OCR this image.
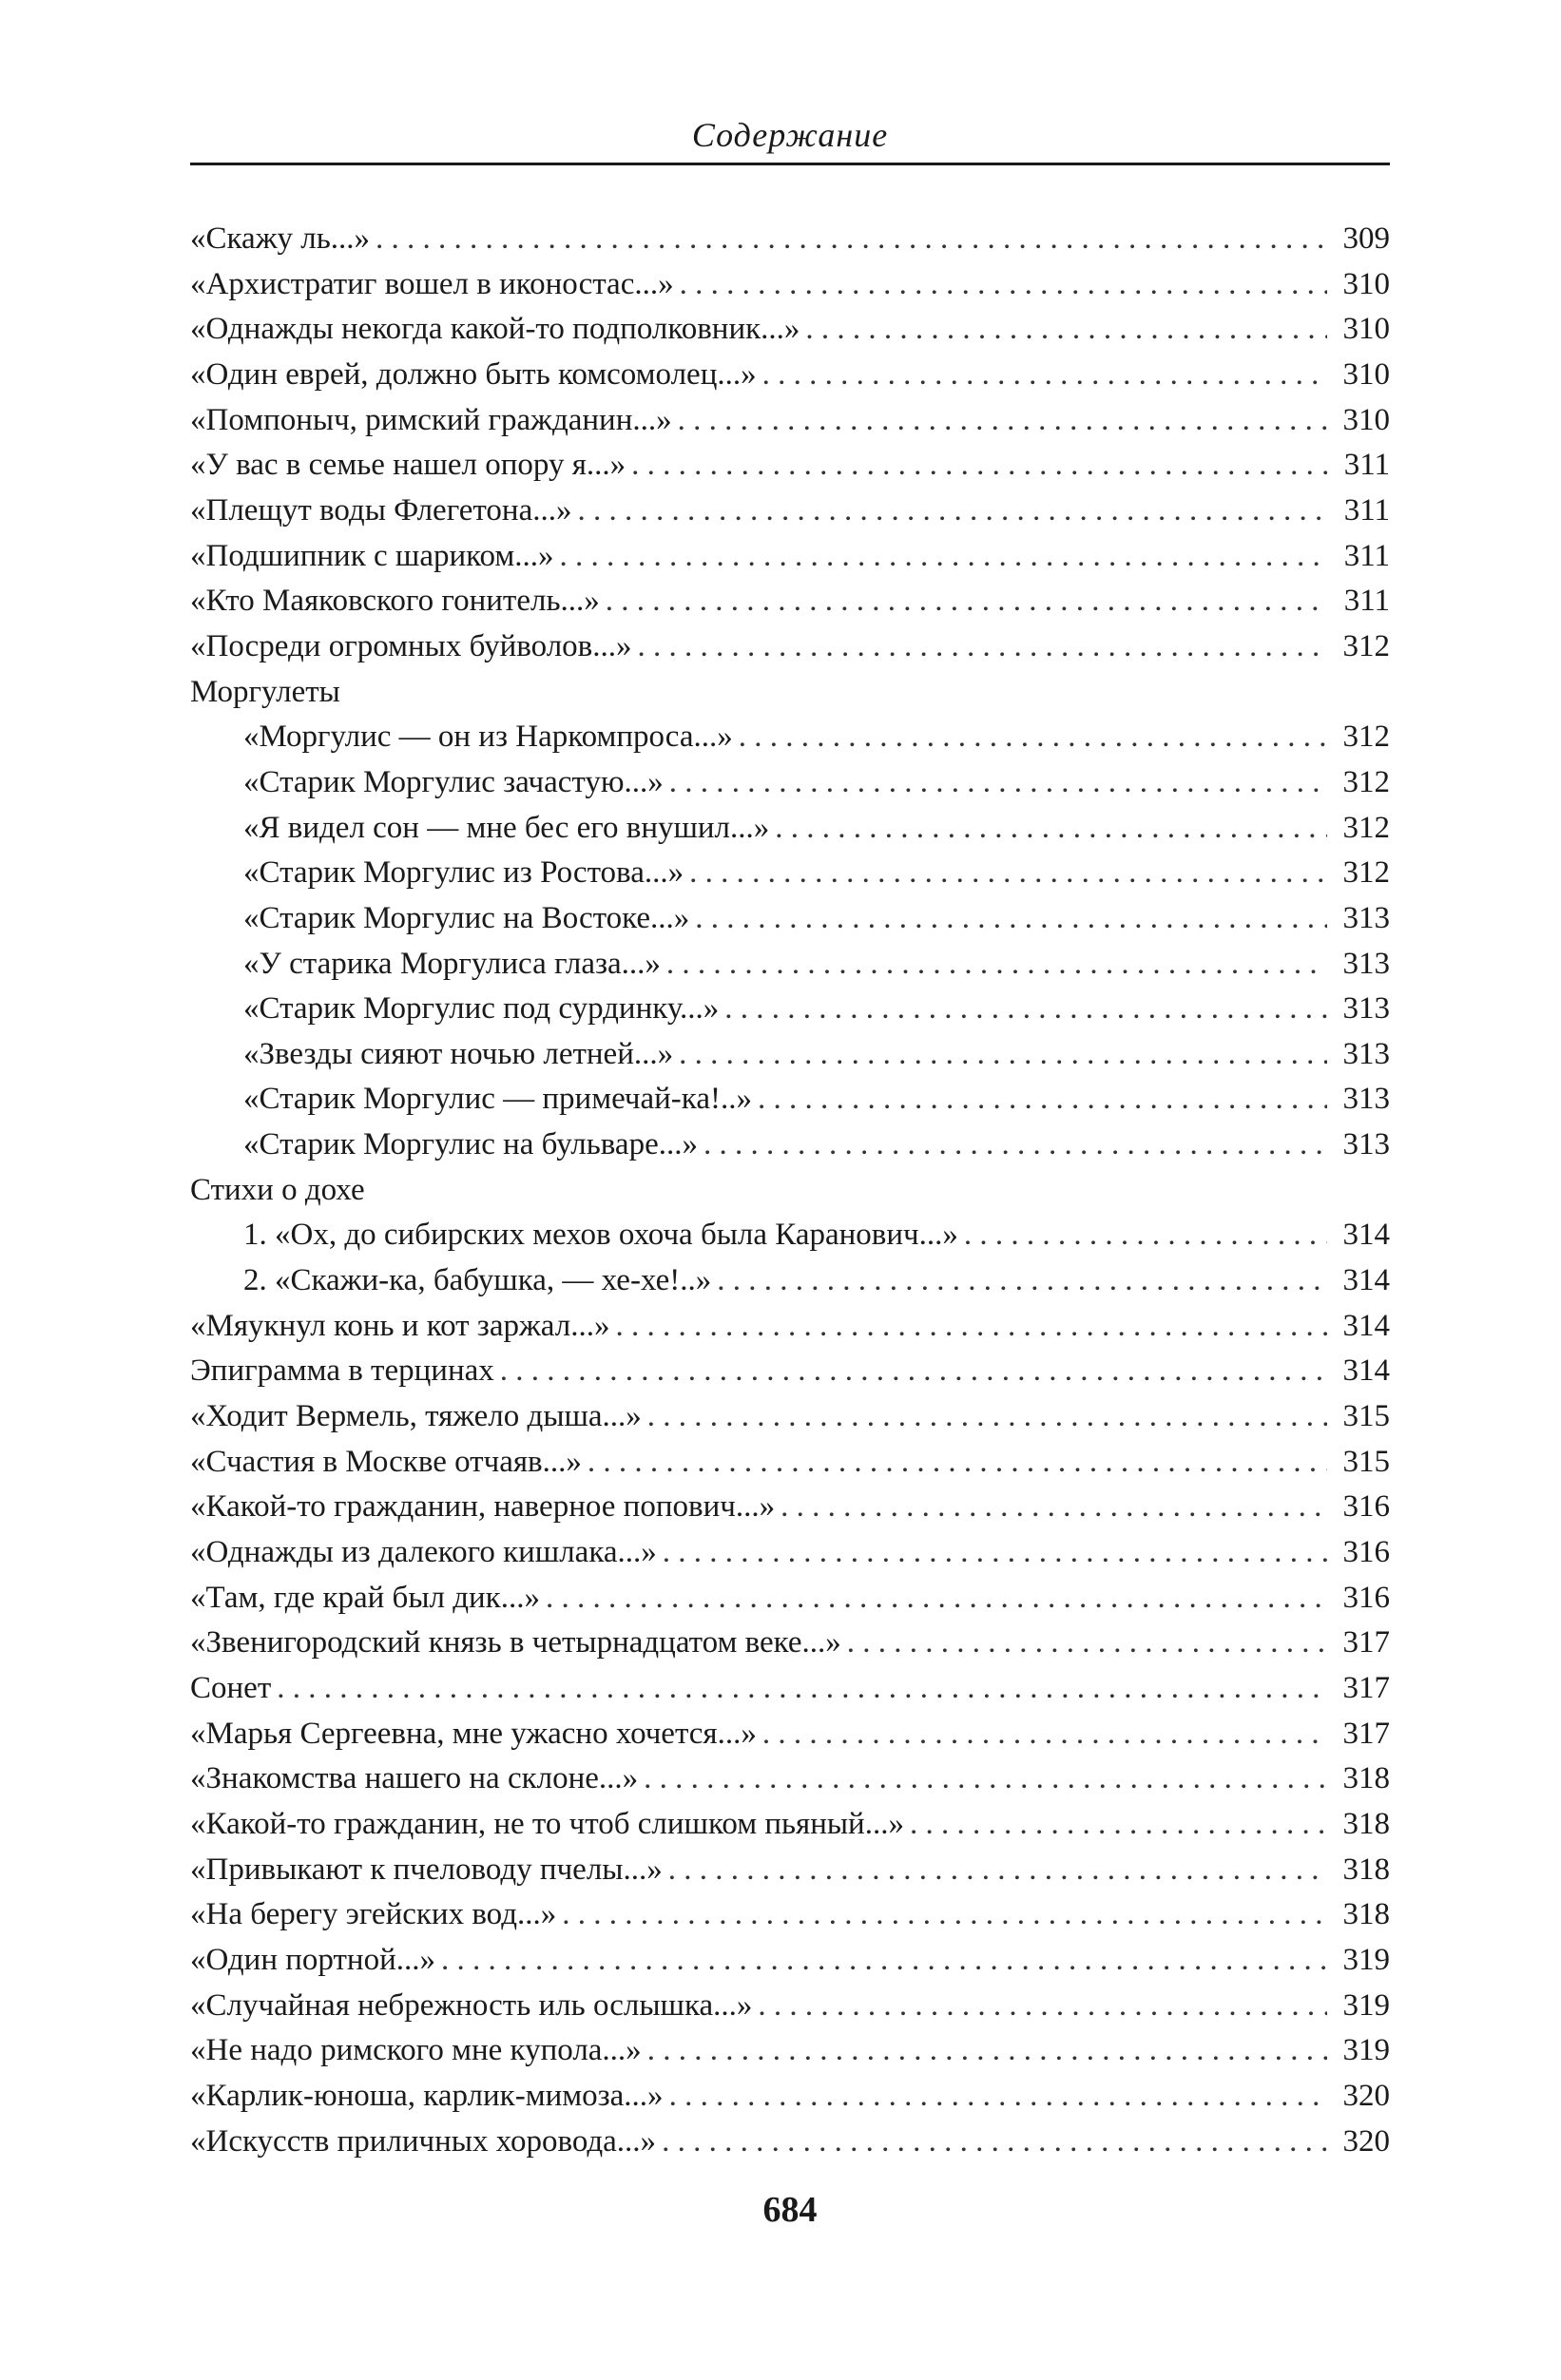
Содержание
«Скажу ль...» . . .	309
«Архистратиг вошел в иконостас...» . . .	310
«Однажды некогда какой-то подполковник...» . . .	310
«Один еврей, должно быть комсомолец...» . . .	310
«Помпоныч, римский гражданин...» . . .	310
«У вас в семье нашел опору я...» . . .	311
«Плещут воды Флегетона...» . . .	311
«Подшипник с шариком...» . . .	311
«Кто Маяковского гонитель...» . . .	311
«Посреди огромных буйволов...» . . .	312
Моргулеты
«Моргулис — он из Наркомпроса...» . . .	312
«Старик Моргулис зачастую...» . . .	312
«Я видел сон — мне бес его внушил...» . . .	312
«Старик Моргулис из Ростова...» . . .	312
«Старик Моргулис на Востоке...» . . .	313
«У старика Моргулиса глаза...» . . .	313
«Старик Моргулис под сурдинку...» . . .	313
«Звезды сияют ночью летней...» . . .	313
«Старик Моргулис — примечай-ка!..» . . .	313
«Старик Моргулис на бульваре...» . . .	313
Стихи о дохе
1. «Ох, до сибирских мехов охоча была Каранович...» . . .	314
2. «Скажи-ка, бабушка, — хе-хе!..» . . .	314
«Мяукнул конь и кот заржал...» . . .	314
Эпиграмма в терцинах . . .	314
«Ходит Вермель, тяжело дыша...» . . .	315
«Счастия в Москве отчаяв...» . . .	315
«Какой-то гражданин, наверное попович...» . . .	316
«Однажды из далекого кишлака...» . . .	316
«Там, где край был дик...» . . .	316
«Звенигородский князь в четырнадцатом веке...» . . .	317
Сонет . . .	317
«Марья Сергеевна, мне ужасно хочется...» . . .	317
«Знакомства нашего на склоне...» . . .	318
«Какой-то гражданин, не то чтоб слишком пьяный...» . . .	318
«Привыкают к пчеловоду пчелы...» . . .	318
«На берегу эгейских вод...» . . .	318
«Один портной...» . . .	319
«Случайная небрежность иль ослышка...» . . .	319
«Не надо римского мне купола...» . . .	319
«Карлик-юноша, карлик-мимоза...» . . .	320
«Искусств приличных хоровода...» . . .	320
684
